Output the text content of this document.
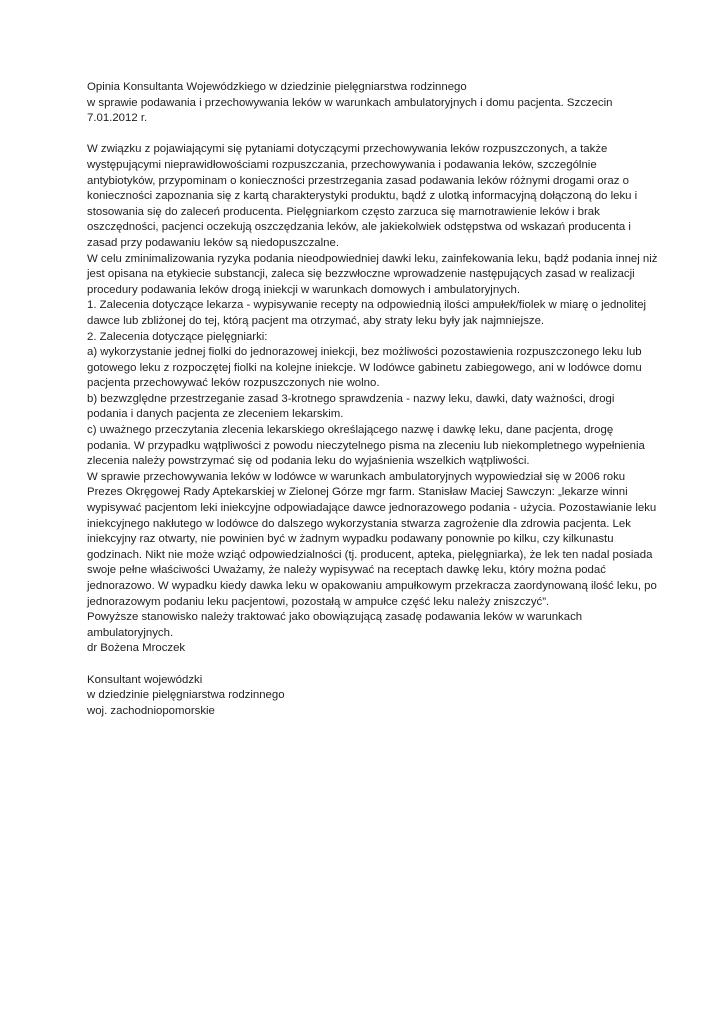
Opinia Konsultanta Wojewódzkiego w dziedzinie pielęgniarstwa rodzinnego
w sprawie podawania i przechowywania leków w warunkach ambulatoryjnych i domu pacjenta. Szczecin
7.01.2012 r.
W związku z pojawiającymi się pytaniami dotyczącymi przechowywania leków rozpuszczonych, a także
występującymi nieprawidłowościami rozpuszczania, przechowywania i podawania leków, szczególnie
antybiotyków, przypominam o konieczności przestrzegania zasad podawania leków różnymi drogami oraz o
konieczności zapoznania się z kartą charakterystyki produktu, bądź z ulotką informacyjną dołączoną do leku i
stosowania się do zaleceń producenta. Pielęgniarkom często zarzuca się marnotrawienie leków i brak
oszczędności, pacjenci oczekują oszczędzania leków, ale jakiekolwiek odstępstwa od wskazań producenta i
zasad przy podawaniu leków są niedopuszczalne.
W celu zminimalizowania ryzyka podania nieodpowiedniej dawki leku, zainfekowania leku, bądź podania innej niż
jest opisana na etykiecie substancji, zaleca się bezzwłoczne wprowadzenie następujących zasad w realizacji
procedury podawania leków drogą iniekcji w warunkach domowych i ambulatoryjnych.
1. Zalecenia dotyczące lekarza - wypisywanie recepty na odpowiednią ilości ampułek/fiolek w miarę o jednolitej
dawce lub zbliżonej do tej, którą pacjent ma otrzymać, aby straty leku były jak najmniejsze.
2. Zalecenia dotyczące pielęgniarki:
a) wykorzystanie jednej fiolki do jednorazowej iniekcji, bez możliwości pozostawienia rozpuszczonego leku lub
gotowego leku z rozpoczętej fiolki na kolejne iniekcje. W lodówce gabinetu zabiegowego, ani w lodówce domu
pacjenta przechowywać leków rozpuszczonych nie wolno.
b) bezwzględne przestrzeganie zasad 3-krotnego sprawdzenia - nazwy leku, dawki, daty ważności, drogi
podania i danych pacjenta ze zleceniem lekarskim.
c) uważnego przeczytania zlecenia lekarskiego określającego nazwę i dawkę leku, dane pacjenta, drogę
podania. W przypadku wątpliwości z powodu nieczytelnego pisma na zleceniu lub niekompletnego wypełnienia
zlecenia należy powstrzymać się od podania leku do wyjaśnienia wszelkich wątpliwości.
W sprawie przechowywania leków w lodówce w warunkach ambulatoryjnych wypowiedział się w 2006 roku
Prezes Okręgowej Rady Aptekarskiej w Zielonej Górze mgr farm. Stanisław Maciej Sawczyn: „lekarze winni
wypisywać pacjentom leki iniekcyjne odpowiadające dawce jednorazowego podania - użycia. Pozostawianie leku
iniekcyjnego nakłutego w lodówce do dalszego wykorzystania stwarza zagrożenie dla zdrowia pacjenta. Lek
iniekcyjny raz otwarty, nie powinien być w żadnym wypadku podawany ponownie po kilku, czy kilkunastu
godzinach. Nikt nie może wziąć odpowiedzialności (tj. producent, apteka, pielęgniarka), że lek ten nadal posiada
swoje pełne właściwości Uważamy, że należy wypisywać na receptach dawkę leku, który można podać
jednorazowo. W wypadku kiedy dawka leku w opakowaniu ampułkowym przekracza zaordynowaną ilość leku, po
jednorazowym podaniu leku pacjentowi, pozostałą w ampułce część leku należy zniszczyć”.
Powyższe stanowisko należy traktować jako obowiązującą zasadę podawania leków w warunkach
ambulatoryjnych.
dr Bożena Mroczek
Konsultant wojewódzki
w dziedzinie pielęgniarstwa rodzinnego
woj. zachodniopomorskie
